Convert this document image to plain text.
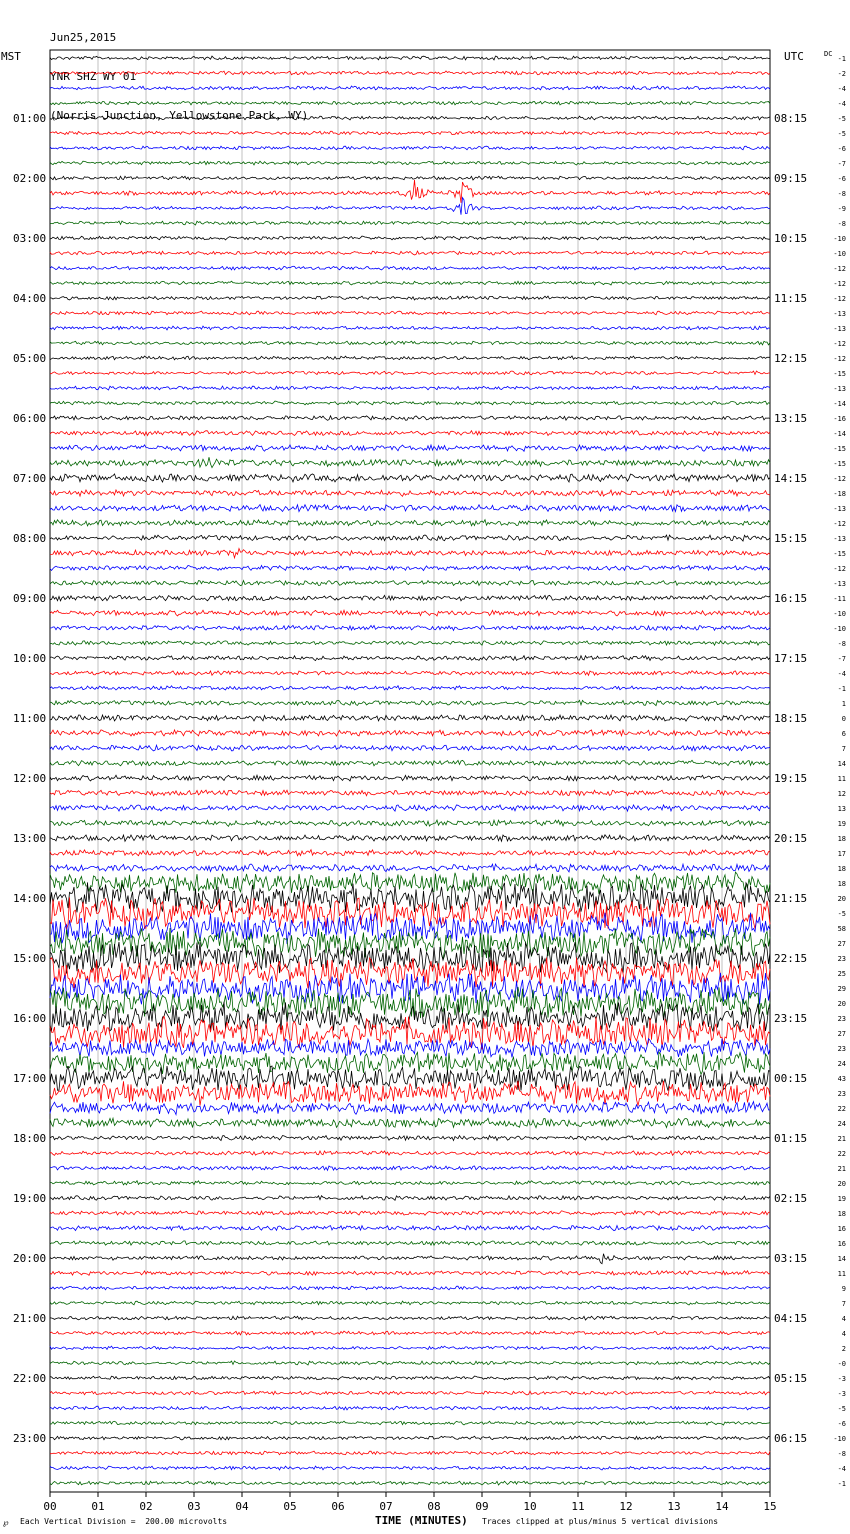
Jun25,2015

YNR SHZ WY 01

(Norris Junction, Yellowstone Park, WY)

MST	UTC	DC
01:00
02:00
03:00
04:00
05:00
06:00
07:00
08:00
09:00
10:00
11:00
12:00
13:00
14:00
15:00
16:00
17:00
18:00
19:00
20:00
21:00
22:00
23:00
08:15
09:15
10:15
11:15
12:15
13:15
14:15
15:15
16:15
17:15
18:15
19:15
20:15
21:15
22:15
23:15
00:15
01:15
02:15
03:15
04:15
05:15
06:15
-1
-2
-4
-4
-5
-5
-6
-7
-6
-8
-9
-8
-10
-10
-12
-12
-12
-13
-13
-12
-12
-15
-13
-14
-16
-14
-15
-15
-12
-18
-13
-12
-13
-15
-12
-13
-11
-10
-10
-8
-7
-4
-1
1
0
6
7
14
11
12
13
19
18
17
18
18
20
-5
58
27
23
25
29
20
23
27
23
24
43
23
22
24
21
22
21
20
19
18
16
16
14
11
9
7
4
4
2
-0
-3
-3
-5
-6
-10
-8
-4
-1
00	01	02	03	04	05	06	07	08	09	10	11	12	13	14	15
℘ Each Vertical Division =  200.00 microvolts	TIME (MINUTES) Traces clipped at plus/minus 5 vertical divisions
